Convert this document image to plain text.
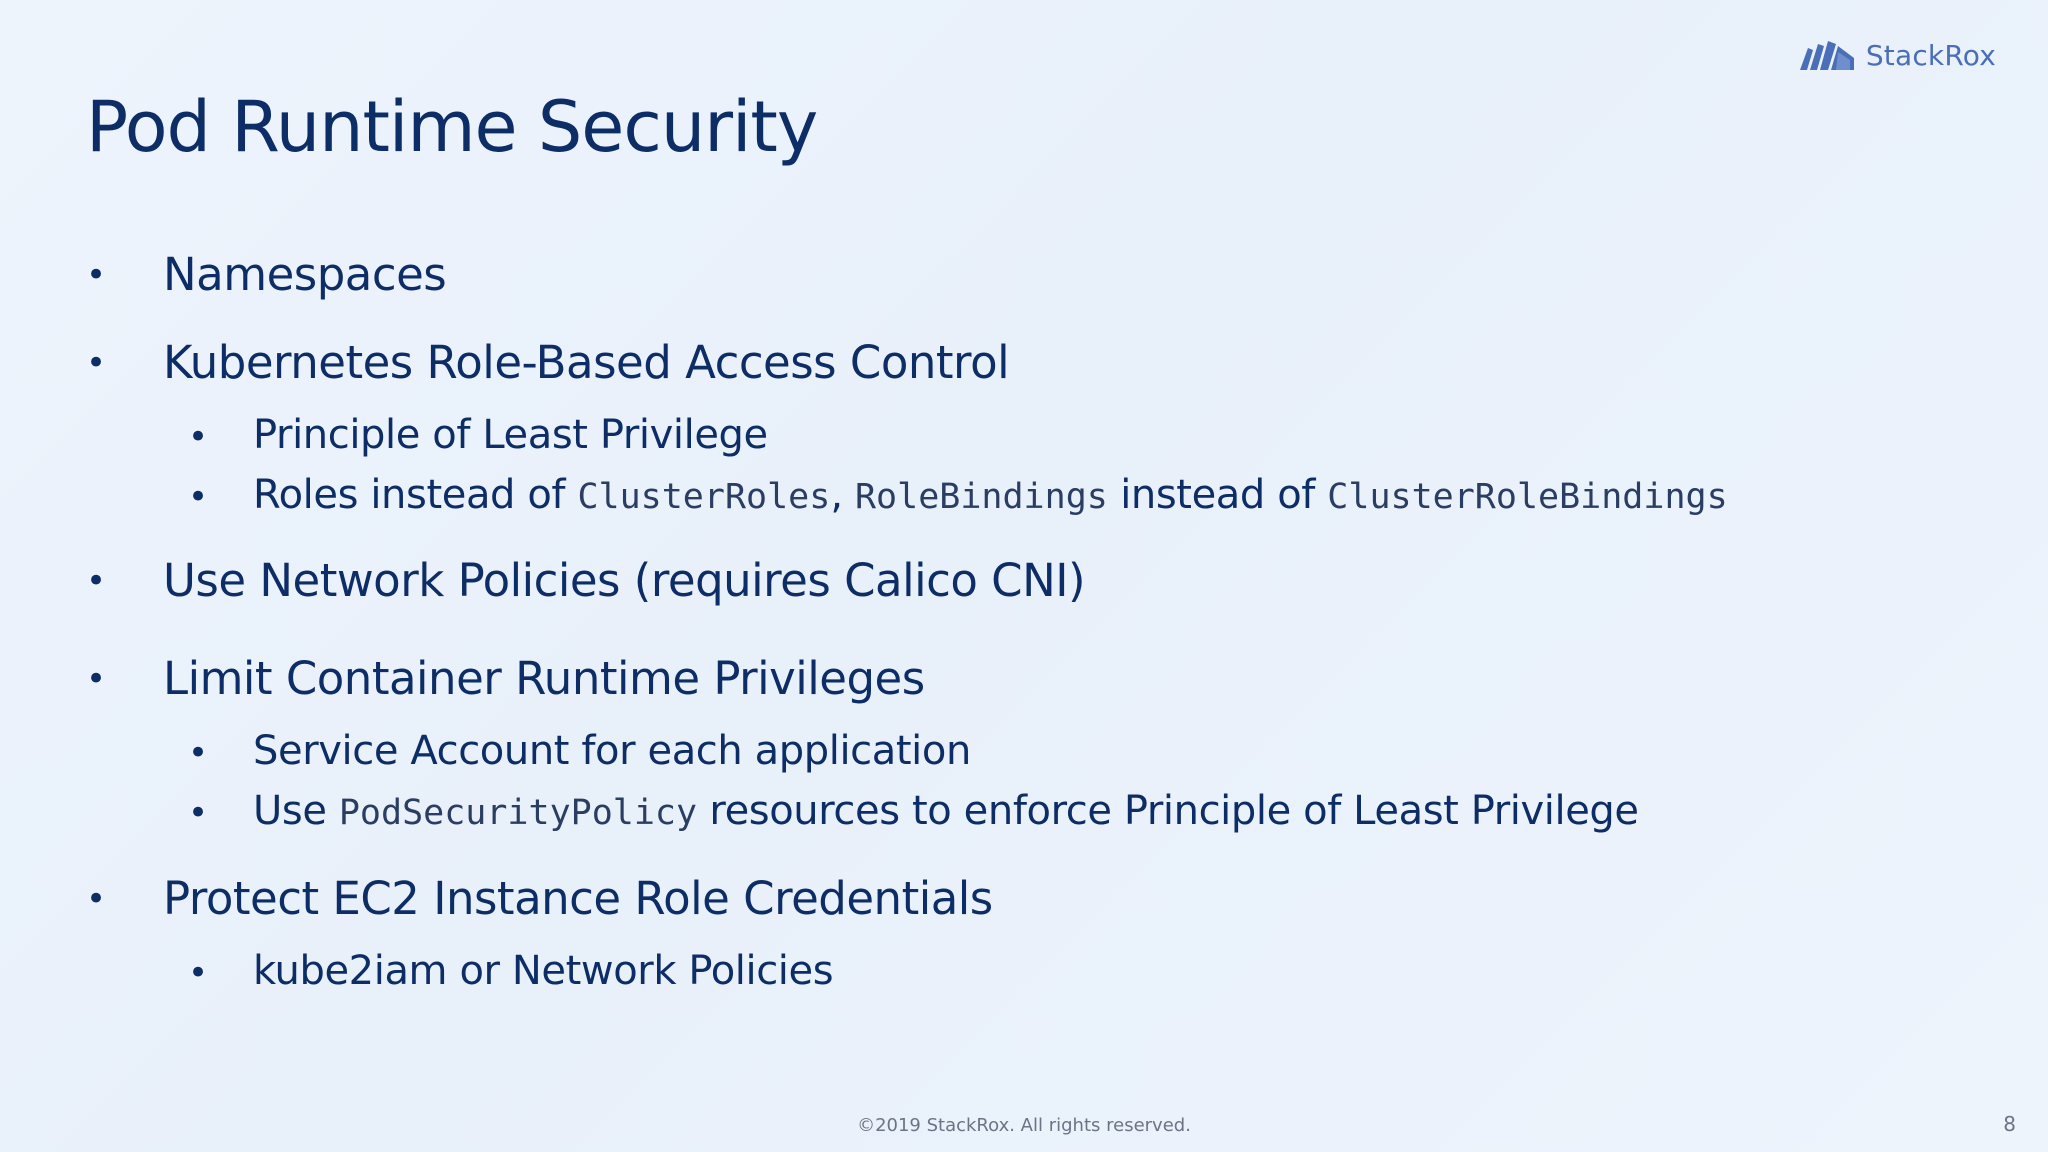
StackRox
Pod Runtime Security
• Namespaces
• Kubernetes Role-Based Access Control
• Principle of Least Privilege
• Roles instead of
ClusterRoles ,
RoleBindings
instead of
ClusterRoleBindings
• Use Network Policies (requires Calico CNI)
• Limit Container Runtime Privileges
• Service Account for each application
• Use
PodSecurityPolicy
resources to enforce Principle of Least Privilege
• Protect EC2 Instance Role Credentials
• kube2iam or Network Policies
©2019 StackRox. All rights reserved.	8
